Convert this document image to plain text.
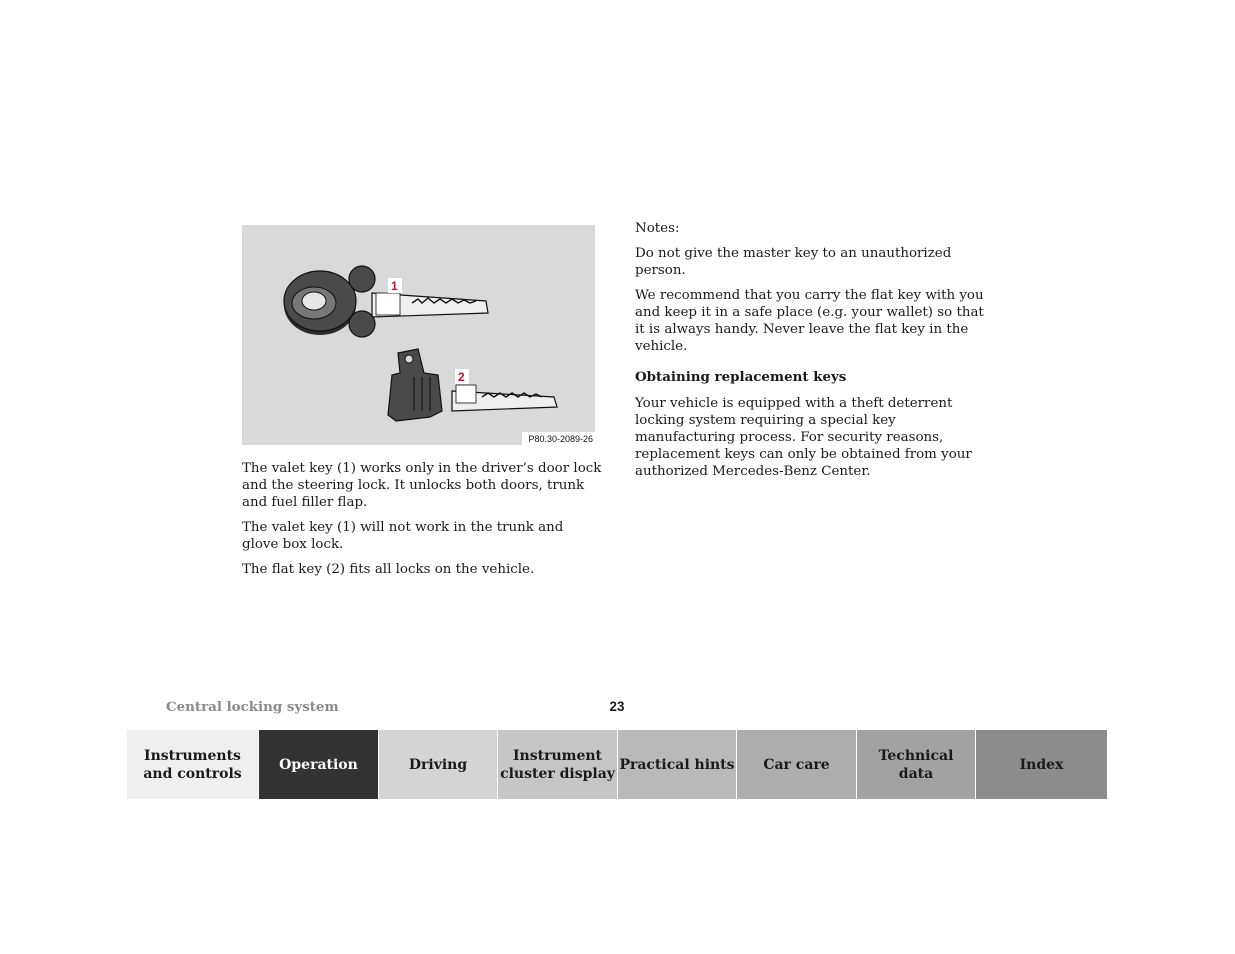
1
2
P80.30-2089-26

The valet key (1) works only in the driver’s door lock and the steering lock. It unlocks both doors, trunk and fuel filler flap.

The valet key (1) will not work in the trunk and glove box lock.

The flat key (2) fits all locks on the vehicle.

Notes:

Do not give the master key to an unauthorized person.

We recommend that you carry the flat key with you and keep it in a safe place (e.g. your wallet) so that it is always handy. Never leave the flat key in the vehicle.

Obtaining replacement keys

Your vehicle is equipped with a theft deterrent locking system requiring a special key manufacturing process. For security reasons, replacement keys can only be obtained from your authorized Mercedes-Benz Center.

Central locking system	23
Instruments
and controls
Operation	Driving
Instrument
cluster display
Practical hints	Car care
Technical
data
Index
